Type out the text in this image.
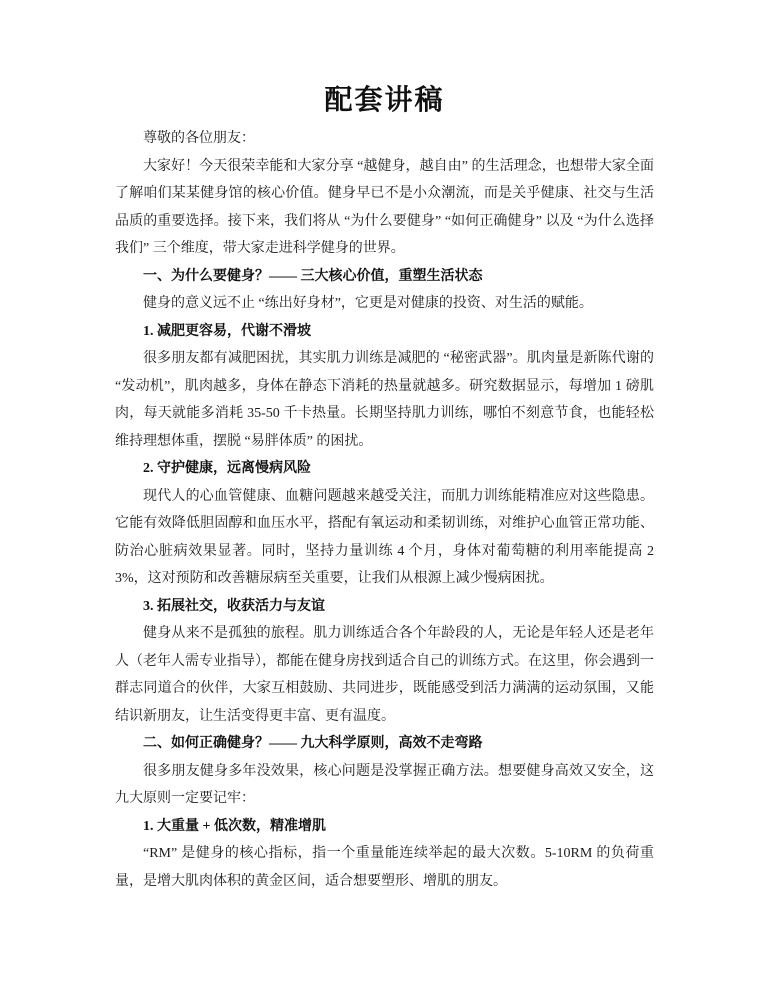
配套讲稿

尊敬的各位朋友：

大家好！今天很荣幸能和大家分享 “越健身，越自由” 的生活理念，也想带大家全面了解咱们某某健身馆的核心价值。健身早已不是小众潮流，而是关乎健康、社交与生活品质的重要选择。接下来，我们将从 “为什么要健身” “如何正确健身” 以及 “为什么选择我们” 三个维度，带大家走进科学健身的世界。

一、为什么要健身？—— 三大核心价值，重塑生活状态

健身的意义远不止 “练出好身材”，它更是对健康的投资、对生活的赋能。

1. 减肥更容易，代谢不滑坡

很多朋友都有减肥困扰，其实肌力训练是减肥的 “秘密武器”。肌肉量是新陈代谢的 “发动机”，肌肉越多，身体在静态下消耗的热量就越多。研究数据显示，每增加 1 磅肌肉，每天就能多消耗 35-50 千卡热量。长期坚持肌力训练，哪怕不刻意节食，也能轻松维持理想体重，摆脱 “易胖体质” 的困扰。

2. 守护健康，远离慢病风险

现代人的心血管健康、血糖问题越来越受关注，而肌力训练能精准应对这些隐患。它能有效降低胆固醇和血压水平，搭配有氧运动和柔韧训练，对维护心血管正常功能、防治心脏病效果显著。同时，坚持力量训练 4 个月，身体对葡萄糖的利用率能提高 23%，这对预防和改善糖尿病至关重要，让我们从根源上减少慢病困扰。

3. 拓展社交，收获活力与友谊

健身从来不是孤独的旅程。肌力训练适合各个年龄段的人，无论是年轻人还是老年人（老年人需专业指导），都能在健身房找到适合自己的训练方式。在这里，你会遇到一群志同道合的伙伴，大家互相鼓励、共同进步，既能感受到活力满满的运动氛围，又能结识新朋友，让生活变得更丰富、更有温度。

二、如何正确健身？—— 九大科学原则，高效不走弯路

很多朋友健身多年没效果，核心问题是没掌握正确方法。想要健身高效又安全，这九大原则一定要记牢：

1. 大重量 + 低次数，精准增肌

“RM” 是健身的核心指标，指一个重量能连续举起的最大次数。5-10RM 的负荷重量，是增大肌肉体积的黄金区间，适合想要塑形、增肌的朋友。
